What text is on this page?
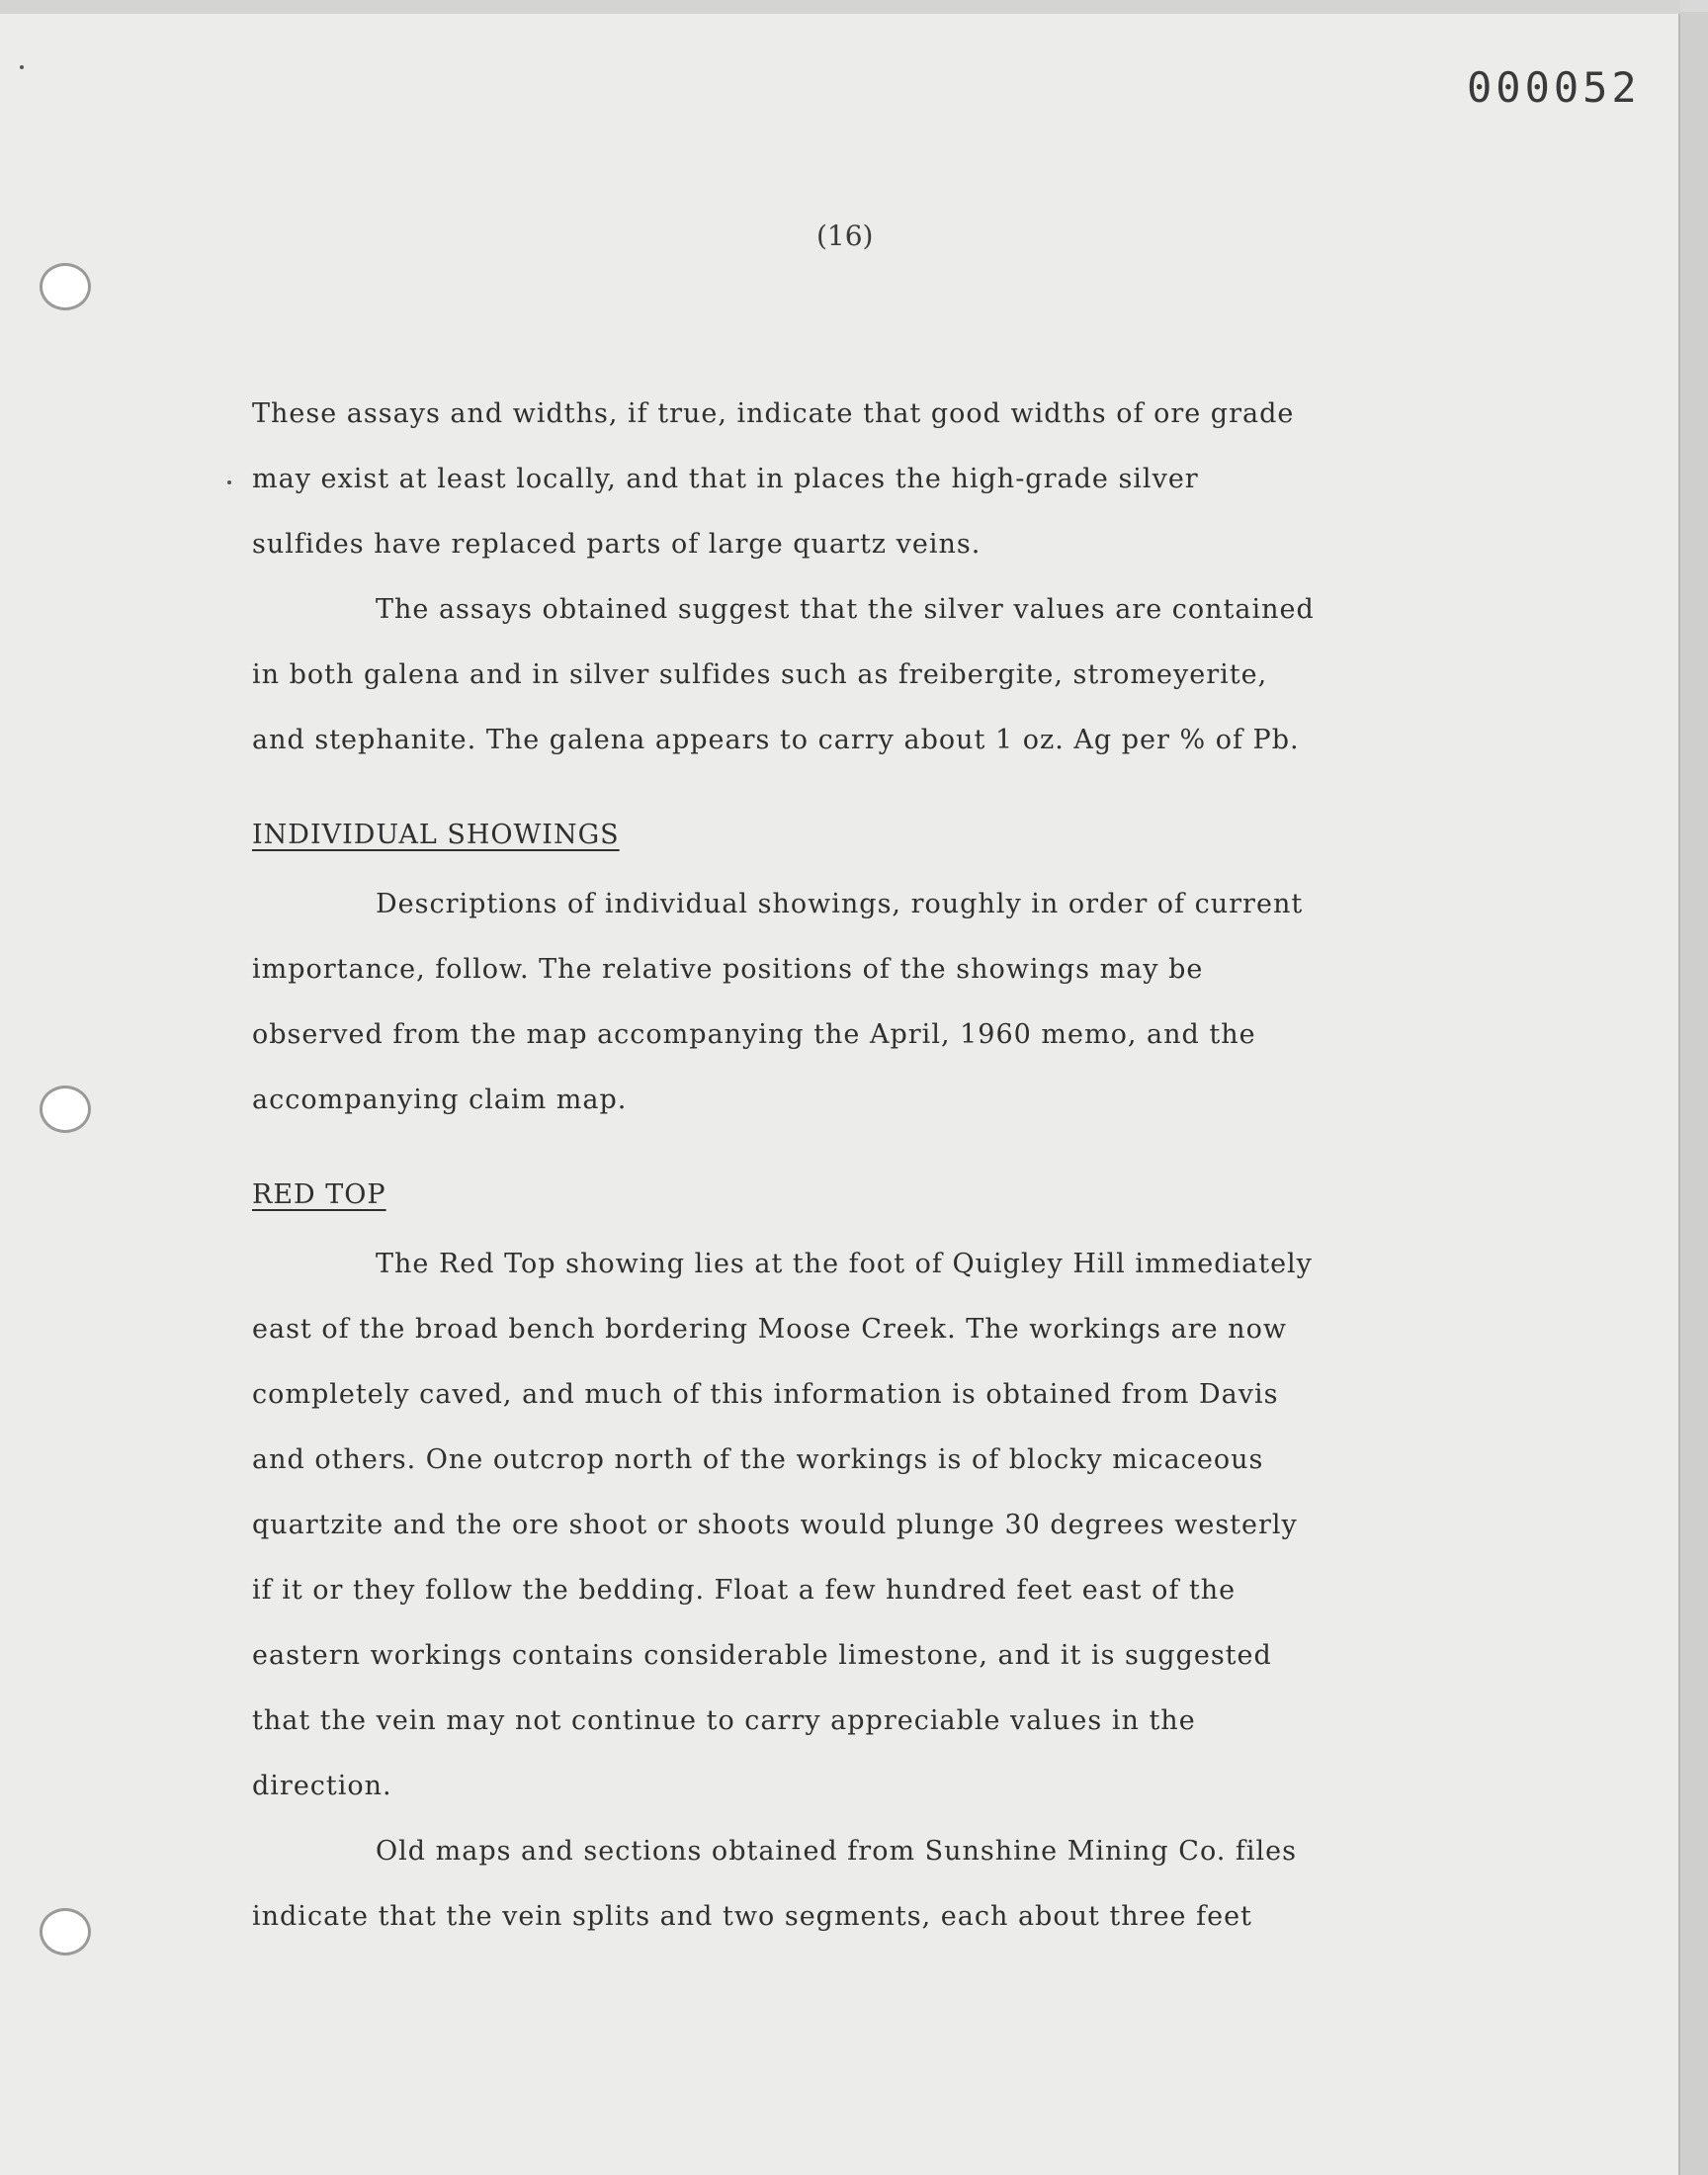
000052
(16)
These assays and widths, if true, indicate that good widths of ore grade
may exist at least locally, and that in places the high-grade silver
sulfides have replaced parts of large quartz veins.
The assays obtained suggest that the silver values are contained
in both galena and in silver sulfides such as freibergite, stromeyerite,
and stephanite. The galena appears to carry about 1 oz. Ag per % of Pb.
INDIVIDUAL SHOWINGS
Descriptions of individual showings, roughly in order of current
importance, follow. The relative positions of the showings may be
observed from the map accompanying the April, 1960 memo, and the
accompanying claim map.
RED TOP
The Red Top showing lies at the foot of Quigley Hill immediately
east of the broad bench bordering Moose Creek. The workings are now
completely caved, and much of this information is obtained from Davis
and others. One outcrop north of the workings is of blocky micaceous
quartzite and the ore shoot or shoots would plunge 30 degrees westerly
if it or they follow the bedding. Float a few hundred feet east of the
eastern workings contains considerable limestone, and it is suggested
that the vein may not continue to carry appreciable values in the
direction.
Old maps and sections obtained from Sunshine Mining Co. files
indicate that the vein splits and two segments, each about three feet
